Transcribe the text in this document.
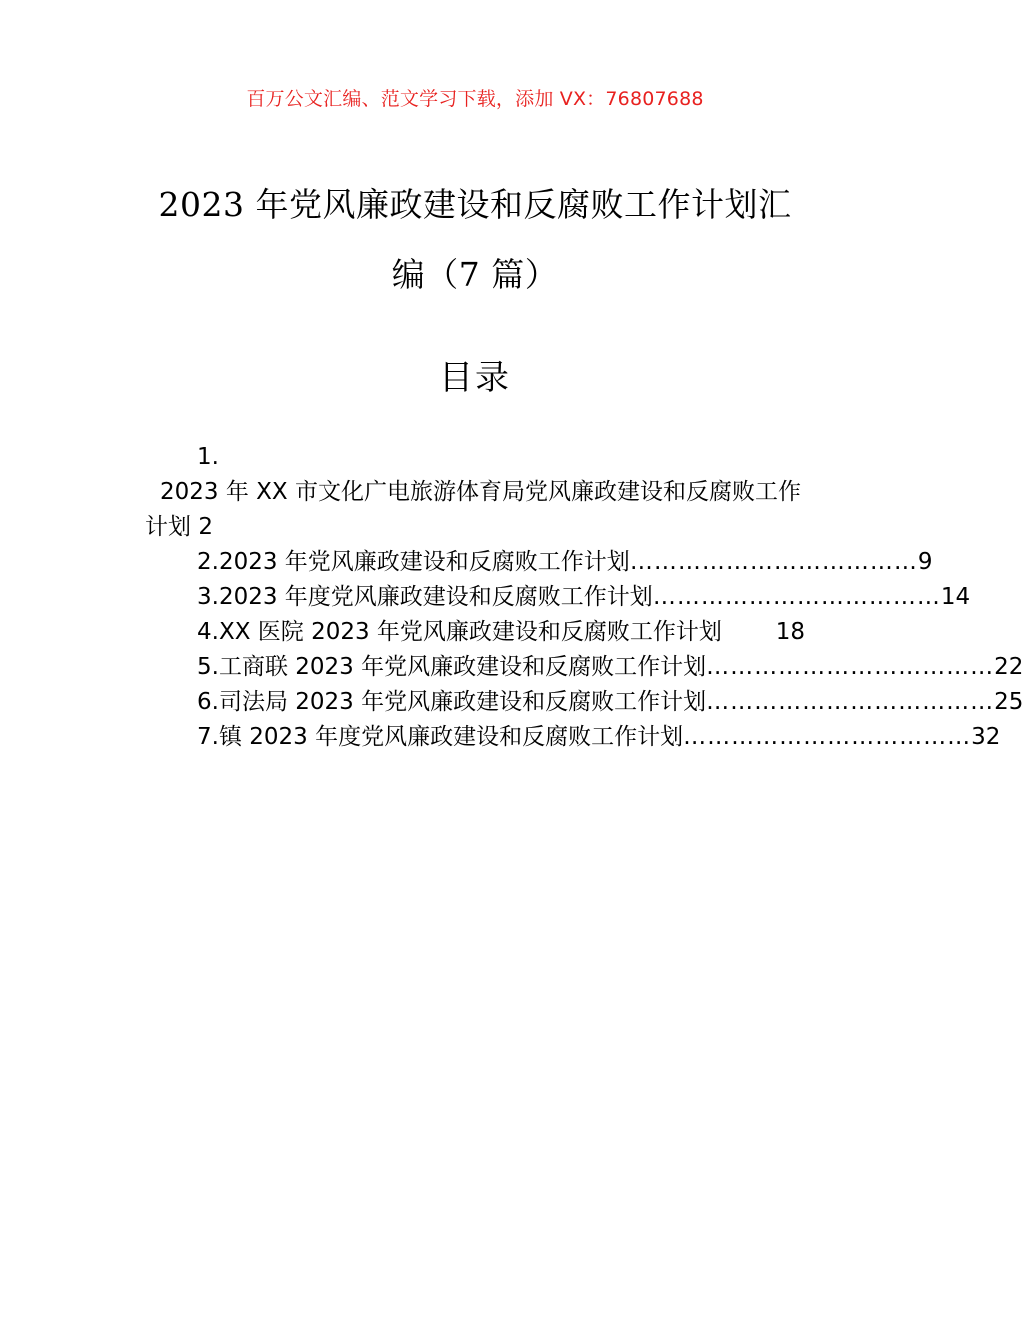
百万公文汇编、范文学习下载，添加 VX：76807688
2023 年党风廉政建设和反腐败工作计划汇
编（7 篇）
目录
1.
2023 年 XX 市文化广电旅游体育局党风廉政建设和反腐败工作计划 2
2.2023 年党风廉政建设和反腐败工作计划 ……………………………… 9
3.2023 年度党风廉政建设和反腐败工作计划 ……………………………… 14
4.XX 医院 2023 年党风廉政建设和反腐败工作计划 18
5.工商联 2023 年党风廉政建设和反腐败工作计划 ……………………………… 22
6.司法局 2023 年党风廉政建设和反腐败工作计划 ……………………………… 25
7.镇 2023 年度党风廉政建设和反腐败工作计划 ……………………………… 32
